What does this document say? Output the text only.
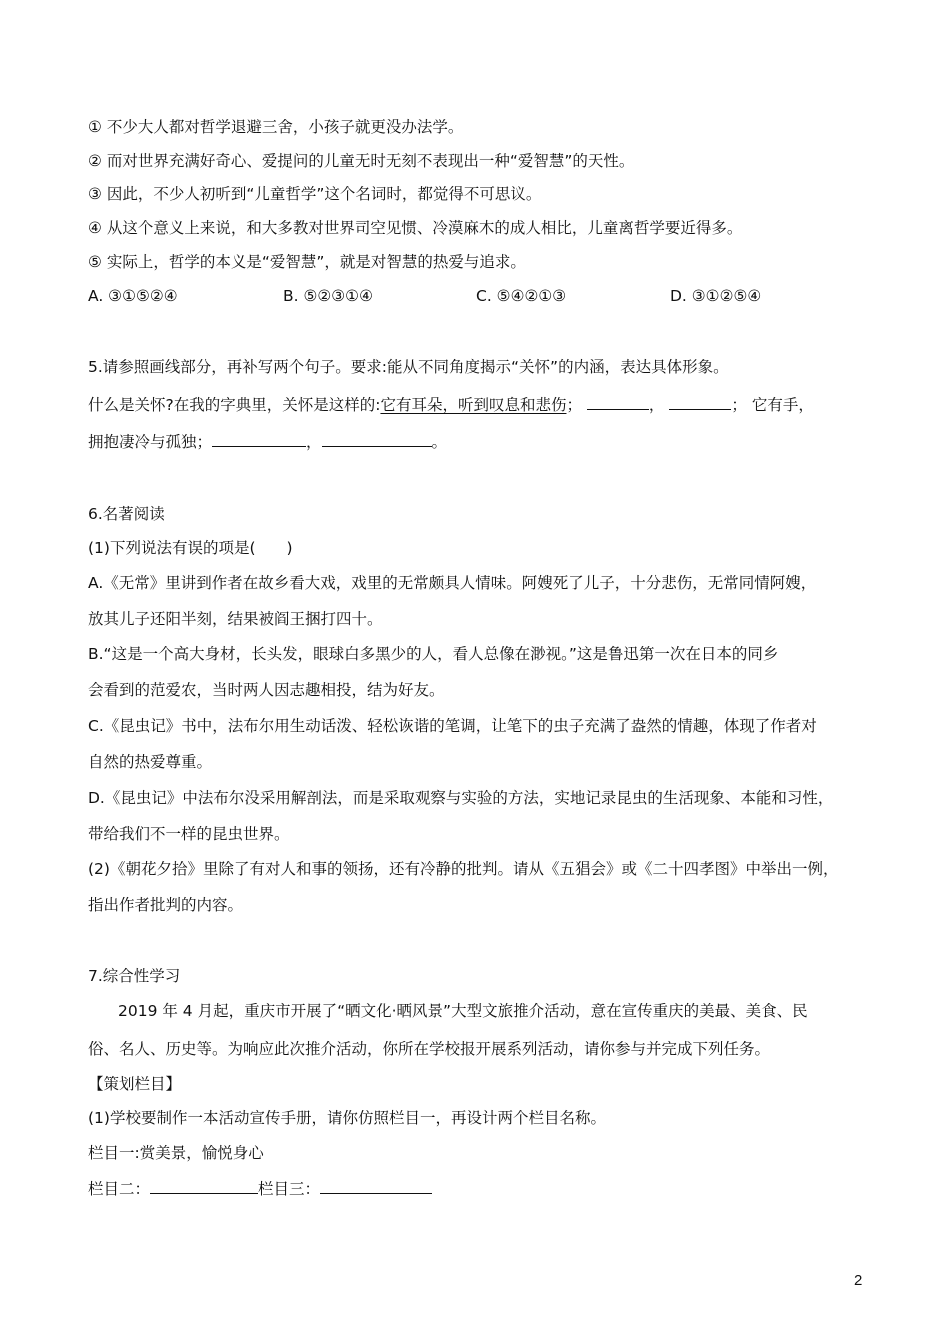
① 不少大人都对哲学退避三舍，小孩子就更没办法学。
② 而对世界充满好奇心、爱提问的儿童无时无刻不表现出一种“爱智慧”的天性。
③ 因此，不少人初听到“儿童哲学”这个名词时，都觉得不可思议。
④ 从这个意义上来说，和大多教对世界司空见惯、冷漠麻木的成人相比，儿童离哲学要近得多。
⑤ 实际上，哲学的本义是“爱智慧”，就是对智慧的热爱与追求。
A. ③①⑤②④	B. ⑤②③①④	C. ⑤④②①③	D. ③①②⑤④
5.请参照画线部分，再补写两个句子。要求:能从不同角度揭示“关怀”的内涵，表达具体形象。
什么是关怀?在我的字典里，关怀是这样的:它有耳朵，听到叹息和悲伤；	，	； 它有手，
拥抱凄冷与孤独；	，	。
6.名著阅读
(1)下列说法有误的项是(　　)
A.《无常》里讲到作者在故乡看大戏，戏里的无常颇具人情味。阿嫂死了儿子，十分悲伤，无常同情阿嫂，
放其儿子还阳半刻，结果被阎王捆打四十。
B.“这是一个高大身材，长头发，眼球白多黑少的人，看人总像在渺视。”这是鲁迅第一次在日本的同乡
会看到的范爱农，当时两人因志趣相投，结为好友。
C.《昆虫记》书中，法布尔用生动话泼、轻松诙谐的笔调，让笔下的虫子充满了盎然的情趣，体现了作者对
自然的热爱尊重。
D.《昆虫记》中法布尔没采用解剖法，而是采取观察与实验的方法，实地记录昆虫的生活现象、本能和习性，
带给我们不一样的昆虫世界。
(2)《朝花夕拾》里除了有对人和事的领扬，还有冷静的批判。请从《五猖会》或《二十四孝图》中举出一例，
指出作者批判的内容。
7.综合性学习
2019 年 4 月起，重庆市开展了“晒文化·晒风景”大型文旅推介活动，意在宣传重庆的美最、美食、民
俗、名人、历史等。为响应此次推介活动，你所在学校报开展系列活动，请你参与并完成下列任务。
【策划栏目】
(1)学校要制作一本活动宣传手册，请你仿照栏目一，再设计两个栏目名称。
栏目一:赏美景，愉悦身心
栏目二：	栏目三：
2
